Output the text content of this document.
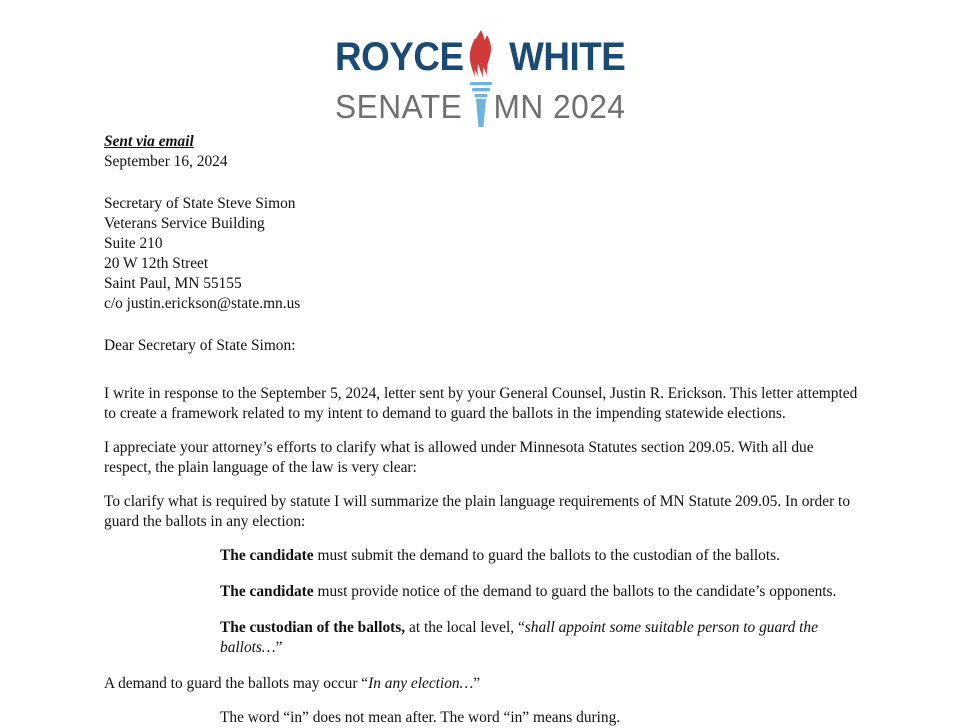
ROYCE WHITE
SENATE MN 2024
Sent via email
September 16, 2024
Secretary of State Steve Simon
Veterans Service Building
Suite 210
20 W 12th Street
Saint Paul, MN 55155
c/o justin.erickson@state.mn.us

Dear Secretary of State Simon:

I write in response to the September 5, 2024, letter sent by your General Counsel, Justin R. Erickson. This letter attempted to create a framework related to my intent to demand to guard the ballots in the impending statewide elections.

I appreciate your attorney’s efforts to clarify what is allowed under Minnesota Statutes section 209.05. With all due respect, the plain language of the law is very clear:

To clarify what is required by statute I will summarize the plain language requirements of MN Statute 209.05. In order to guard the ballots in any election:

The candidate must submit the demand to guard the ballots to the custodian of the ballots.
The candidate must provide notice of the demand to guard the ballots to the candidate’s opponents.
The custodian of the ballots, at the local level, “shall appoint some suitable person to guard the ballots…”

A demand to guard the ballots may occur “In any election…”

The word “in” does not mean after. The word “in” means during.
